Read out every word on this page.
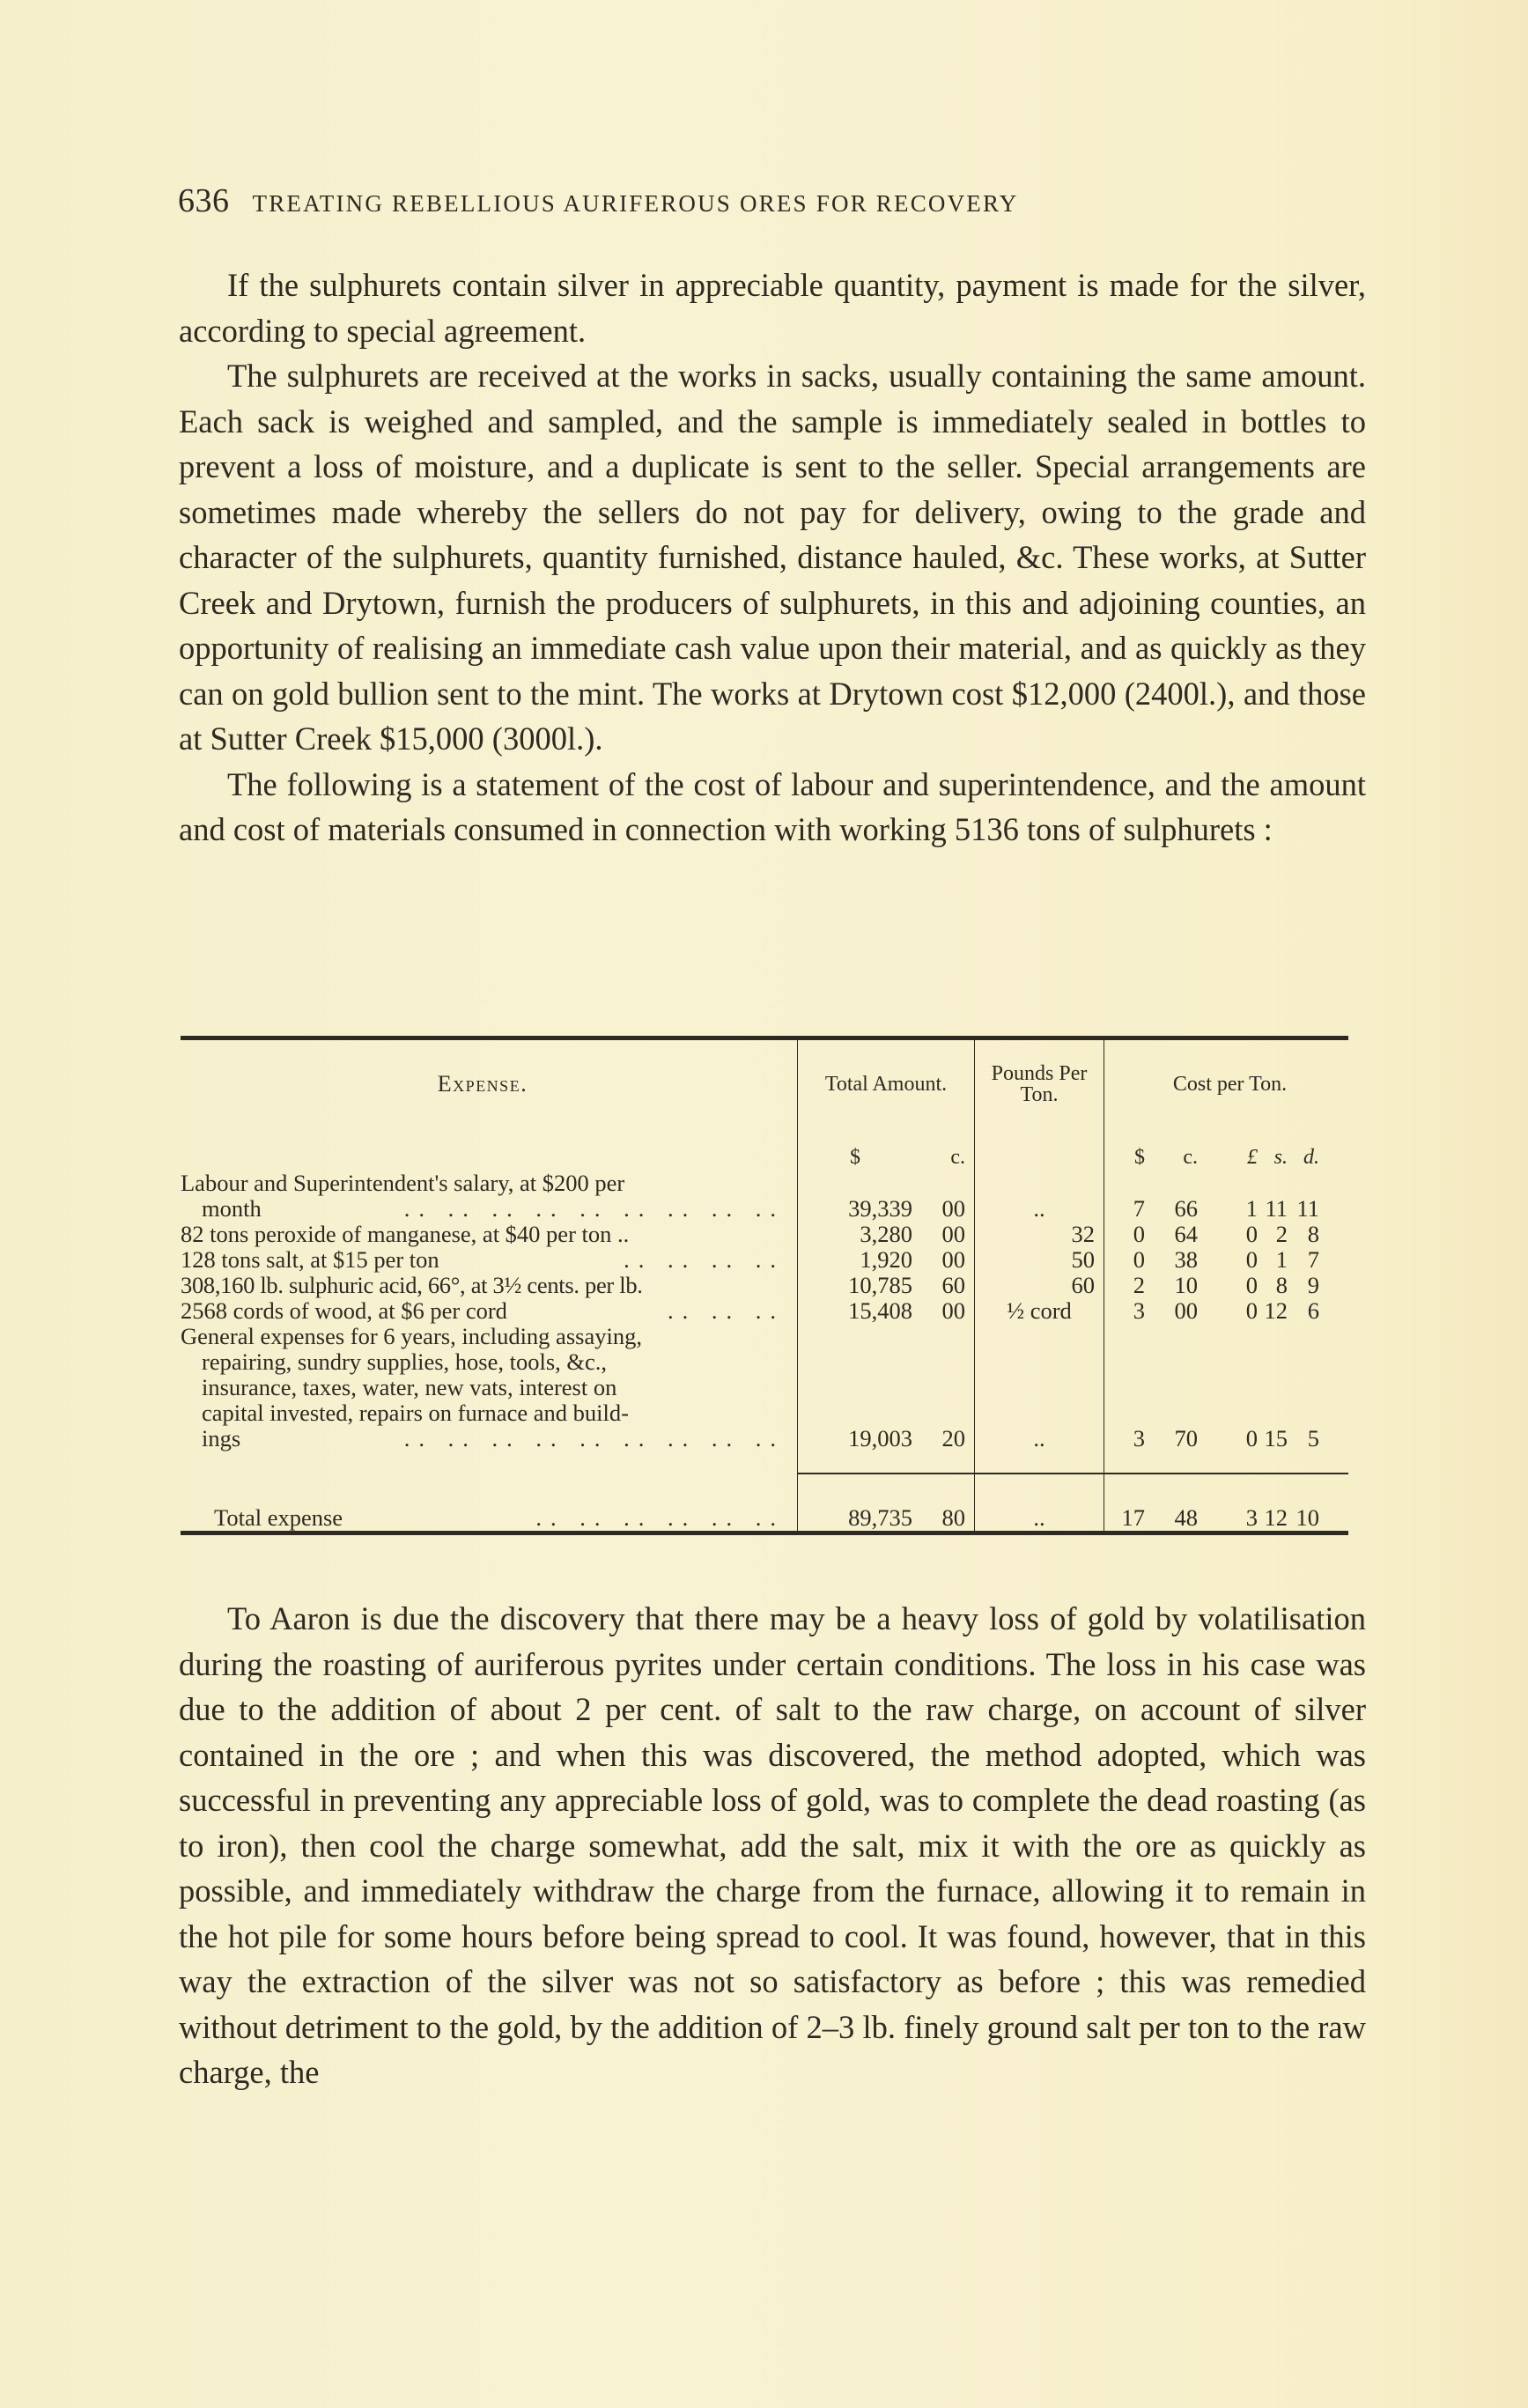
636 TREATING REBELLIOUS AURIFEROUS ORES FOR RECOVERY

If the sulphurets contain silver in appreciable quantity, payment is made for the silver, according to special agreement.

The sulphurets are received at the works in sacks, usually containing the same amount. Each sack is weighed and sampled, and the sample is immediately sealed in bottles to prevent a loss of moisture, and a duplicate is sent to the seller. Special arrangements are sometimes made whereby the sellers do not pay for delivery, owing to the grade and character of the sulphurets, quantity furnished, distance hauled, &c. These works, at Sutter Creek and Drytown, furnish the producers of sulphurets, in this and adjoining counties, an opportunity of realising an immediate cash value upon their material, and as quickly as they can on gold bullion sent to the mint. The works at Drytown cost $12,000 (2400l.), and those at Sutter Creek $15,000 (3000l.).

The following is a statement of the cost of labour and superintendence, and the amount and cost of materials consumed in connection with working 5136 tons of sulphurets :

Expense.	Total Amount.	Pounds Per Ton.	Cost per Ton.

	$ c.		$ c. £ s. d.

Labour and Superintendent's salary, at $200 per
month .. .. .. .. .. .. .. .. ..	39,339 00	..	7 66 1 11 11

82 tons peroxide of manganese, at $40 per ton ..	3,280 00	32	0 64 0 2 8

128 tons salt, at $15 per ton .. .. .. ..	1,920 00	50	0 38 0 1 7

308,160 lb. sulphuric acid, 66°, at 3½ cents. per lb.	10,785 60	60	2 10 0 8 9

2568 cords of wood, at $6 per cord .. .. ..	15,408 00	½ cord	3 00 0 12 6

General expenses for 6 years, including assaying,
repairing, sundry supplies, hose, tools, &c.,
insurance, taxes, water, new vats, interest on
capital invested, repairs on furnace and build-
ings	.. .. .. .. .. .. .. .. ..	19,003 20	..	3 70 0 15 5

Total expense .. .. .. .. .. ..	89,735 80	..	17 48 3 12 10

To Aaron is due the discovery that there may be a heavy loss of gold by volatilisation during the roasting of auriferous pyrites under certain conditions. The loss in his case was due to the addition of about 2 per cent. of salt to the raw charge, on account of silver contained in the ore ; and when this was discovered, the method adopted, which was successful in preventing any appreciable loss of gold, was to complete the dead roasting (as to iron), then cool the charge somewhat, add the salt, mix it with the ore as quickly as possible, and immediately withdraw the charge from the furnace, allowing it to remain in the hot pile for some hours before being spread to cool. It was found, however, that in this way the extraction of the silver was not so satisfactory as before ; this was remedied without detriment to the gold, by the addition of 2–3 lb. finely ground salt per ton to the raw charge, the
